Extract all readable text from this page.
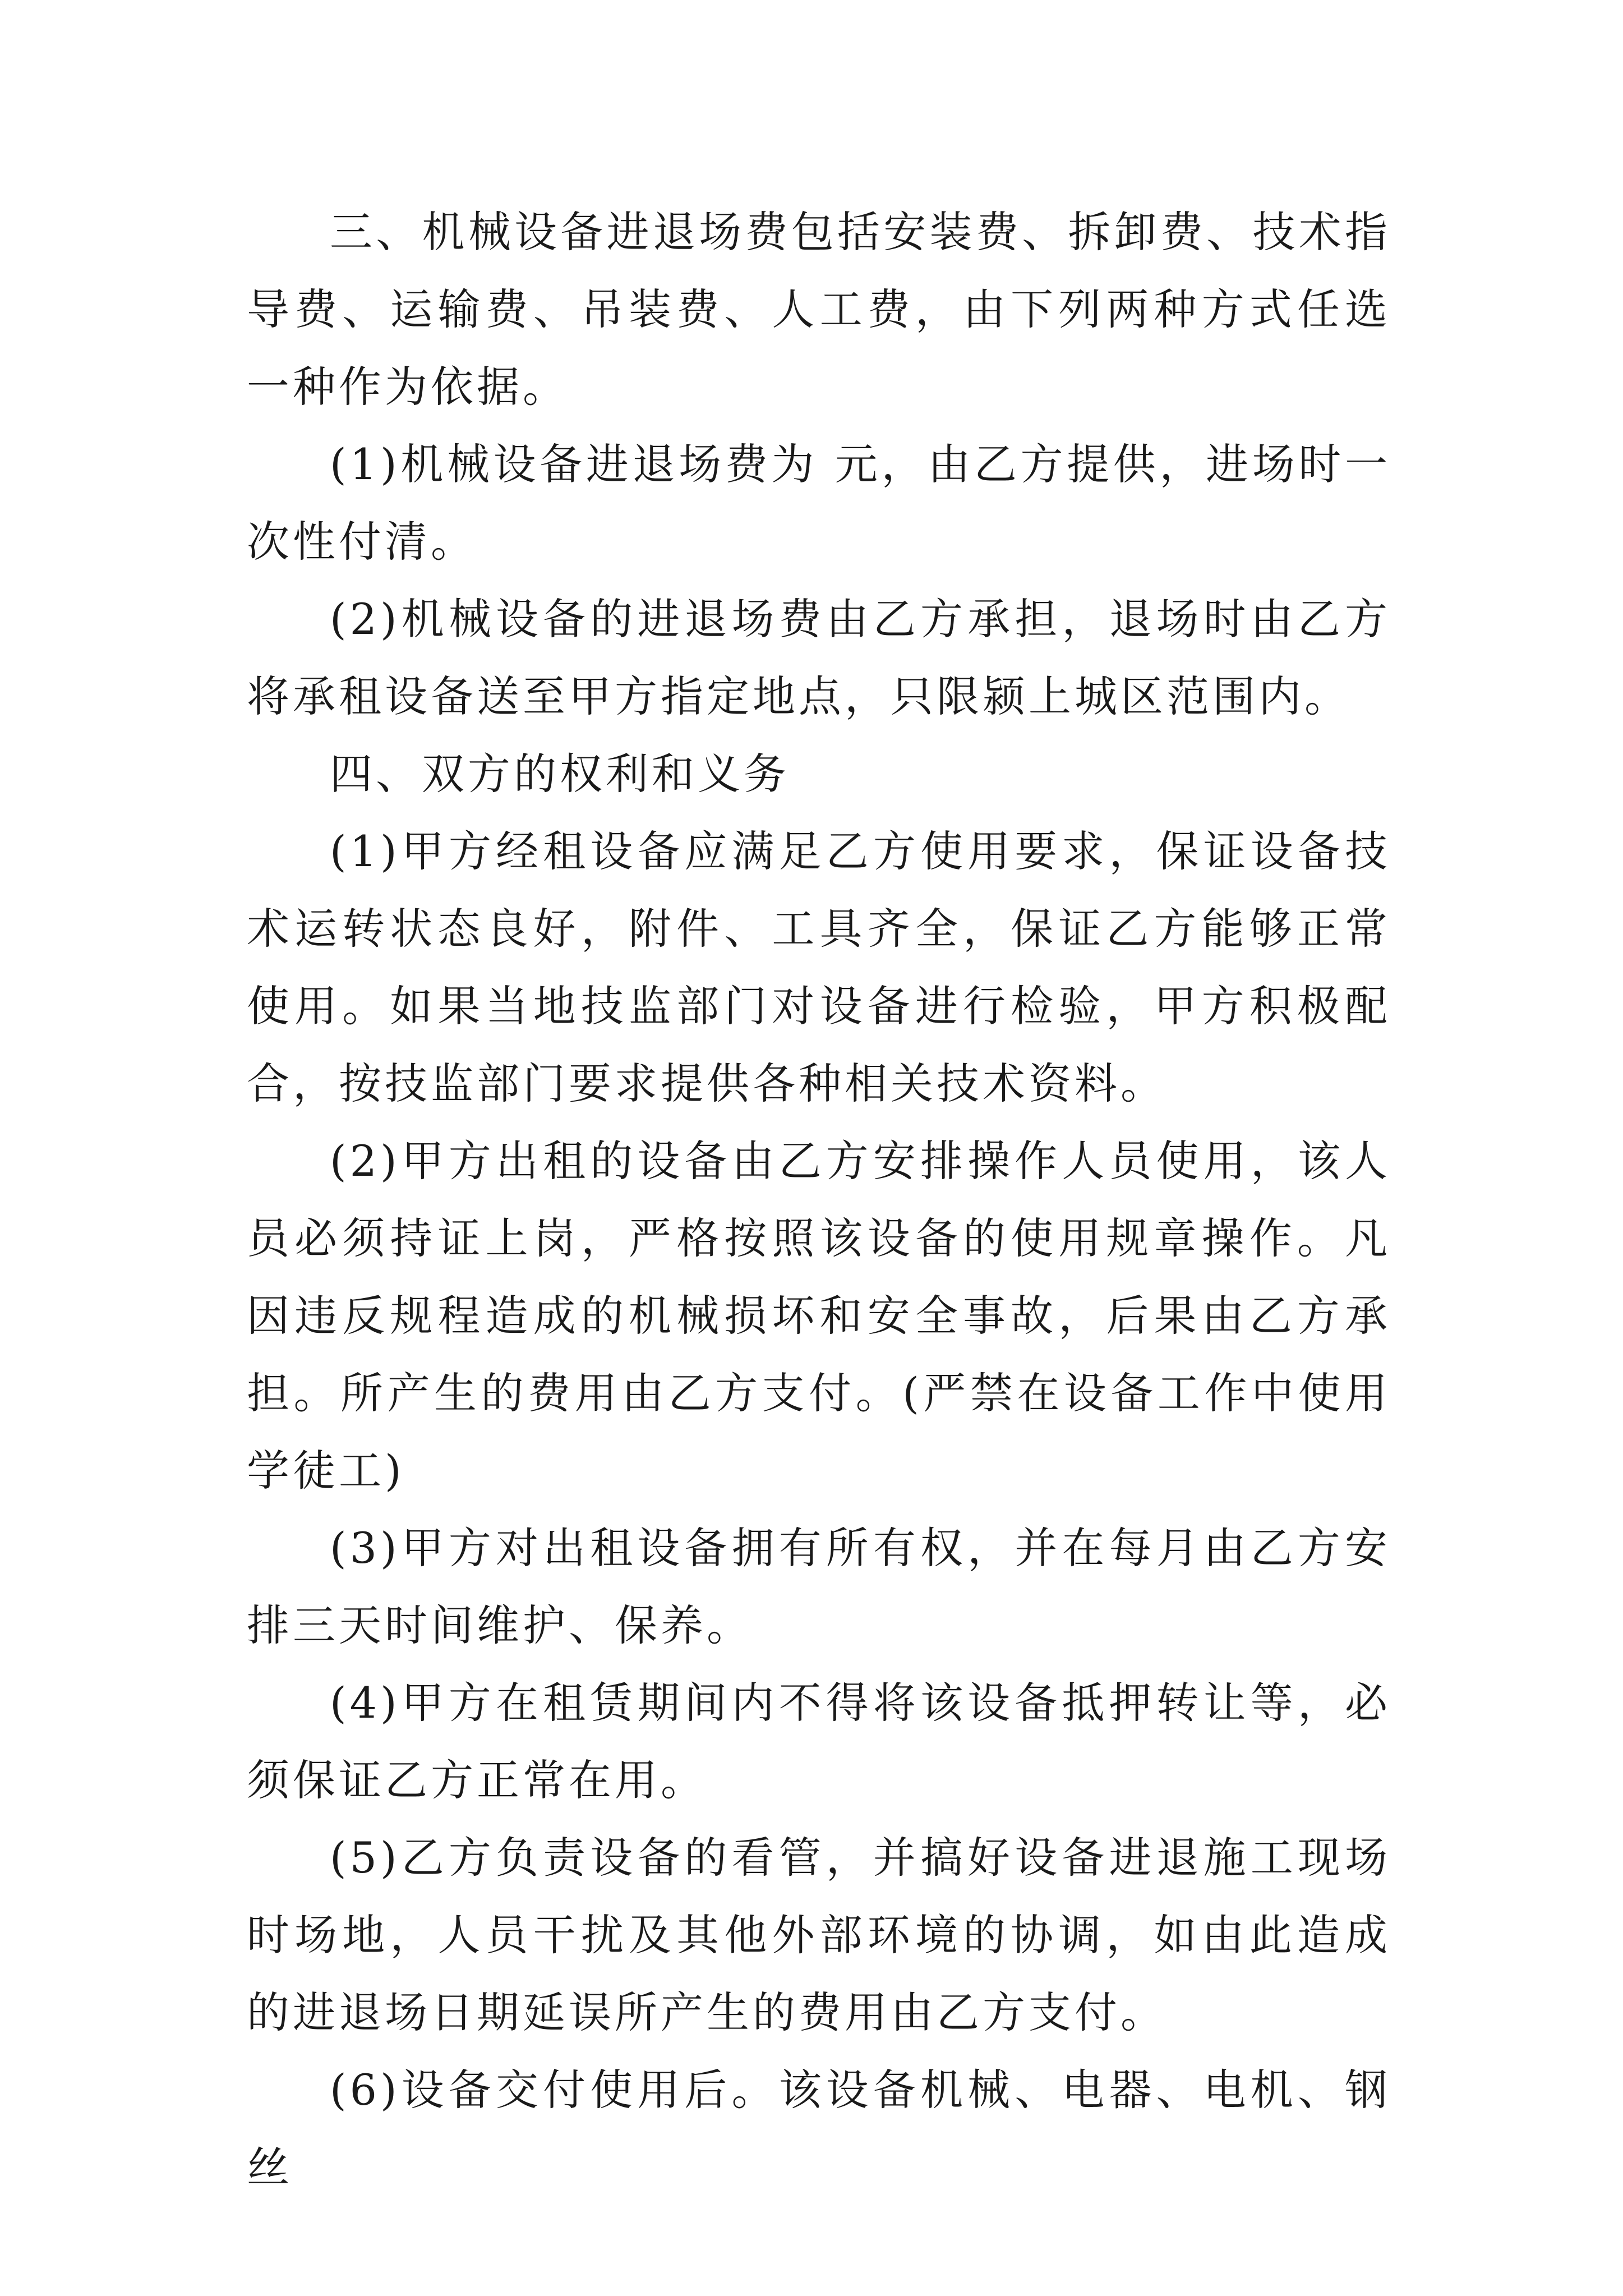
三、机械设备进退场费包括安装费、拆卸费、技术指导费、运输费、吊装费、人工费，由下列两种方式任选一种作为依据。

(1)机械设备进退场费为 元，由乙方提供，进场时一次性付清。

(2)机械设备的进退场费由乙方承担，退场时由乙方将承租设备送至甲方指定地点，只限颍上城区范围内。

四、双方的权利和义务

(1)甲方经租设备应满足乙方使用要求，保证设备技术运转状态良好，附件、工具齐全，保证乙方能够正常使用。如果当地技监部门对设备进行检验，甲方积极配合，按技监部门要求提供各种相关技术资料。

(2)甲方出租的设备由乙方安排操作人员使用，该人员必须持证上岗，严格按照该设备的使用规章操作。凡因违反规程造成的机械损坏和安全事故，后果由乙方承担。所产生的费用由乙方支付。(严禁在设备工作中使用学徒工)

(3)甲方对出租设备拥有所有权，并在每月由乙方安排三天时间维护、保养。

(4)甲方在租赁期间内不得将该设备抵押转让等，必须保证乙方正常在用。

(5)乙方负责设备的看管，并搞好设备进退施工现场时场地，人员干扰及其他外部环境的协调，如由此造成的进退场日期延误所产生的费用由乙方支付。

(6)设备交付使用后。该设备机械、电器、电机、钢丝
